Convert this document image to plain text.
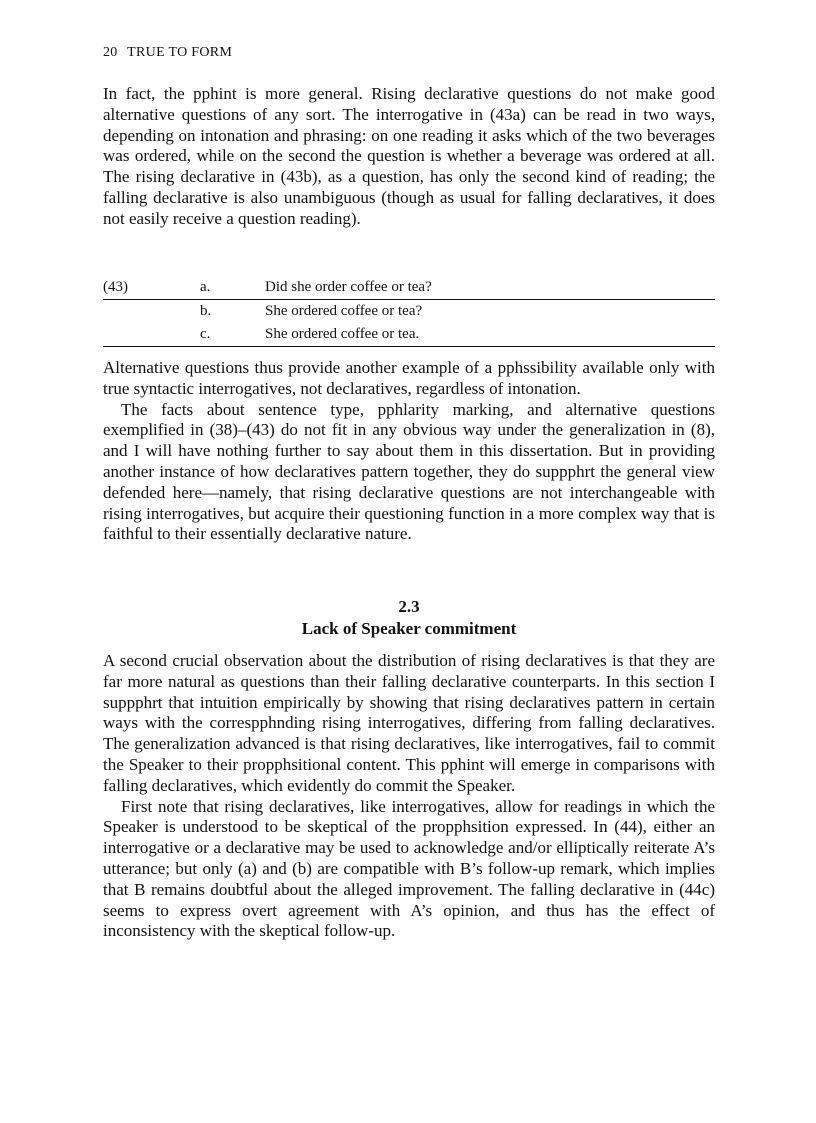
20 TRUE TO FORM

In fact, the pphint is more general. Rising declarative questions do not make good alternative questions of any sort. The interrogative in (43a) can be read in two ways, depending on intonation and phrasing: on one reading it asks which of the two beverages was ordered, while on the second the question is whether a beverage was ordered at all. The rising declarative in (43b), as a question, has only the second kind of reading; the falling declarative is also unambiguous (though as usual for falling declaratives, it does not easily receive a question reading).

(43)	a.	Did she order coffee or tea?
b.	She ordered coffee or tea?
c.	She ordered coffee or tea.

Alternative questions thus provide another example of a pphssibility available only with true syntactic interrogatives, not declaratives, regardless of intonation.

The facts about sentence type, pphlarity marking, and alternative questions exemplified in (38)–(43) do not fit in any obvious way under the generalization in (8), and I will have nothing further to say about them in this dissertation. But in providing another instance of how declaratives pattern together, they do suppphrt the general view defended here—namely, that rising declarative questions are not interchangeable with rising interrogatives, but acquire their questioning function in a more complex way that is faithful to their essentially declarative nature.

2.3
Lack of Speaker commitment

A second crucial observation about the distribution of rising declaratives is that they are far more natural as questions than their falling declarative counterparts. In this section I suppphrt that intuition empirically by showing that rising declaratives pattern in certain ways with the correspphnding rising interrogatives, differing from falling declaratives. The generalization advanced is that rising declaratives, like interrogatives, fail to commit the Speaker to their propphsitional content. This pphint will emerge in comparisons with falling declaratives, which evidently do commit the Speaker.

First note that rising declaratives, like interrogatives, allow for readings in which the Speaker is understood to be skeptical of the propphsition expressed. In (44), either an interrogative or a declarative may be used to acknowledge and/or elliptically reiterate A’s utterance; but only (a) and (b) are compatible with B’s follow-up remark, which implies that B remains doubtful about the alleged improvement. The falling declarative in (44c) seems to express overt agreement with A’s opinion, and thus has the effect of inconsistency with the skeptical follow-up.
